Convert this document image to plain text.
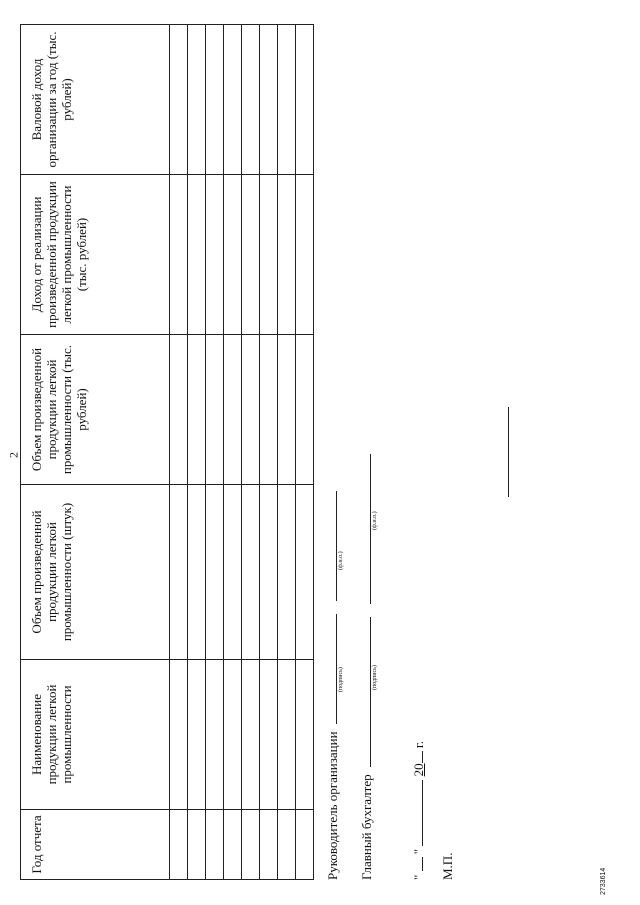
2
Год отчета	Наименование продукции легкой промышленности	Объем произведенной продукции легкой промышленности (штук)	Объем произведенной продукции легкой промышленности (тыс. рублей)	Доход от реализации произведенной продукции легкой промышленности (тыс. рублей)	Валовой доход организации за год (тыс. рублей)

Руководитель организации
(подпись)
(ф.и.о.)
Главный бухгалтер
(подпись)
(ф.и.о.)
"  "  20 г.
М.П.
2733614
